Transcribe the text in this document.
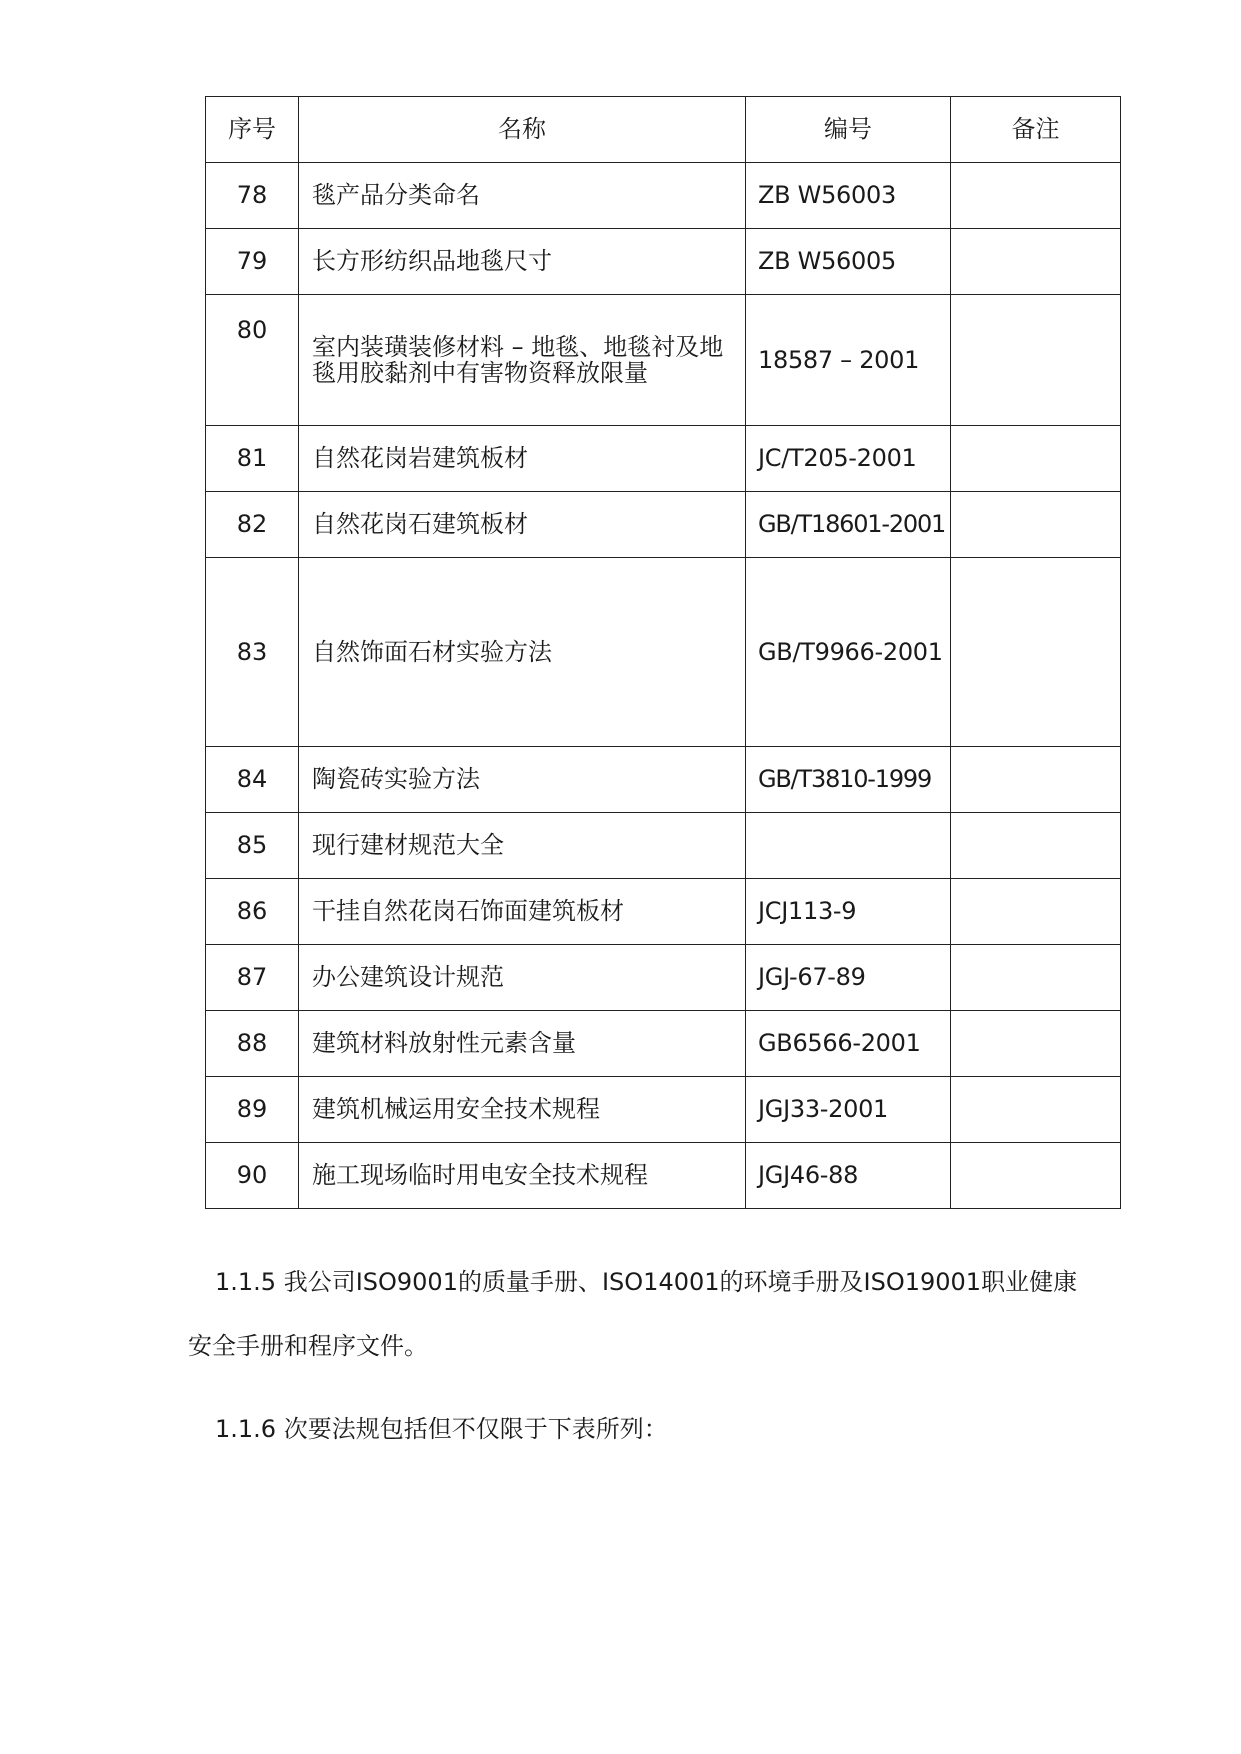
序号	名称	编号	备注
78	毯产品分类命名	ZB W56003	
79	长方形纺织品地毯尺寸	ZB W56005	
80	室内装璜装修材料 – 地毯、地毯衬及地毯用胶黏剂中有害物资释放限量	18587 – 2001	
81	自然花岗岩建筑板材	JC/T205-2001	
82	自然花岗石建筑板材	GB/T18601-2001	
83	自然饰面石材实验方法	GB/T9966-2001	
84	陶瓷砖实验方法	GB/T3810-1999	
85	现行建材规范大全		
86	干挂自然花岗石饰面建筑板材	JCJ113-9	
87	办公建筑设计规范	JGJ-67-89	
88	建筑材料放射性元素含量	GB6566-2001	
89	建筑机械运用安全技术规程	JGJ33-2001	
90	施工现场临时用电安全技术规程	JGJ46-88	

1.1.5 我公司ISO9001的质量手册、ISO14001的环境手册及ISO19001职业健康安全手册和程序文件。

1.1.6 次要法规包括但不仅限于下表所列：
